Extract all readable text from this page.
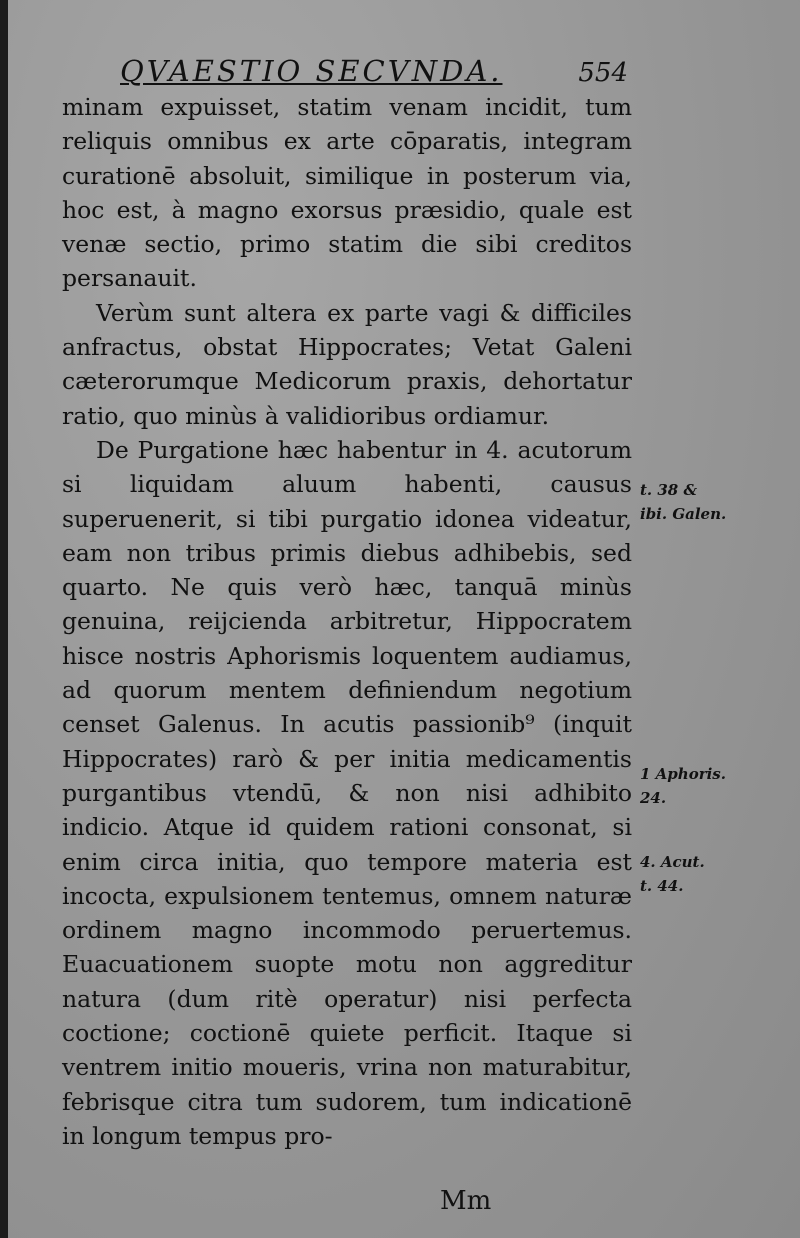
QVAESTIO SECVNDA.	554

minam expuisset, statim venam incidit, tum reliquis omnibus ex arte cōparatis, integram curationē absoluit, similique in posterum via, hoc est, à magno exorsus præsidio, quale est venæ sectio, primo statim die sibi creditos persanauit.

Verùm sunt altera ex parte vagi & difficiles anfractus, obstat Hippocrates; Vetat Galeni cæterorumque Medicorum praxis, dehortatur ratio, quo minùs à validioribus ordiamur.

De Purgatione hæc habentur in 4. acutorum si liquidam aluum habenti, causus superuenerit, si tibi purgatio idonea videatur, eam non tribus primis diebus adhibebis, sed quarto. Ne quis verò hæc, tanquā minùs genuina, reijcienda arbitretur, Hippocratem hisce nostris Aphorismis loquentem audiamus, ad quorum mentem definiendum negotium censet Galenus. In acutis passionib⁹ (inquit Hippocrates) rarò & per initia medicamentis purgantibus vtendū, & non nisi adhibito indicio. Atque id quidem rationi consonat, si enim circa initia, quo tempore materia est incocta, expulsionem tentemus, omnem naturæ ordinem magno incommodo peruertemus. Euacuationem suopte motu non aggreditur natura (dum ritè operatur) nisi perfecta coctione; coctionē quiete perficit. Itaque si ventrem initio moueris, vrina non maturabitur, febrisque citra tum sudorem, tum indicationē in longum tempus pro-

t. 38 &
ibi. Galen.
1 Aphoris.
24.
4. Acut.
t. 44.
Mm
